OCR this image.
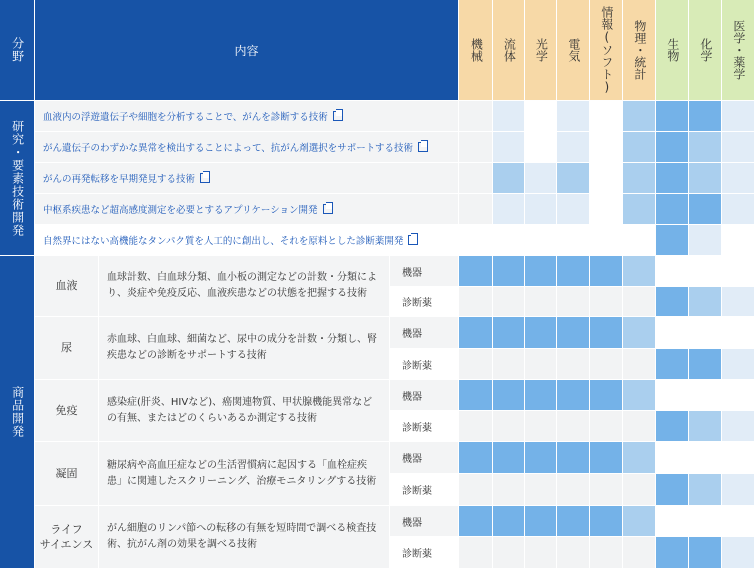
分野	内容	機械 流体 光学 電気 情報(ソフト) 物理・統計 生物 化学 医学・薬学
研究・要素技術開発
血液内の浮遊遺伝子や細胞を分析することで、がんを診断する技術
がん遺伝子のわずかな異常を検出することによって、抗がん剤選択をサポートする技術
がんの再発転移を早期発見する技術
中枢系疾患など超高感度測定を必要とするアプリケーション開発
自然界にはない高機能なタンパク質を人工的に創出し、それを原料とした診断薬開発
商品開発
血液
血球計数、白血球分類、血小板の測定などの計数・分類により、炎症や免疫反応、血液疾患などの状態を把握する技術
機器
診断薬
尿
赤血球、白血球、細菌など、尿中の成分を計数・分類し、腎疾患などの診断をサポートする技術
機器
診断薬
免疫
感染症(肝炎、HIVなど)、癌関連物質、甲状腺機能異常などの有無、またはどのくらいあるか測定する技術
機器
診断薬
凝固
糖尿病や高血圧症などの生活習慣病に起因する「血栓症疾患」に関連したスクリーニング、治療モニタリングする技術
機器
診断薬
ライフ
サイエンス
がん細胞のリンパ節への転移の有無を短時間で調べる検査技術、抗がん剤の効果を調べる技術
機器
診断薬
